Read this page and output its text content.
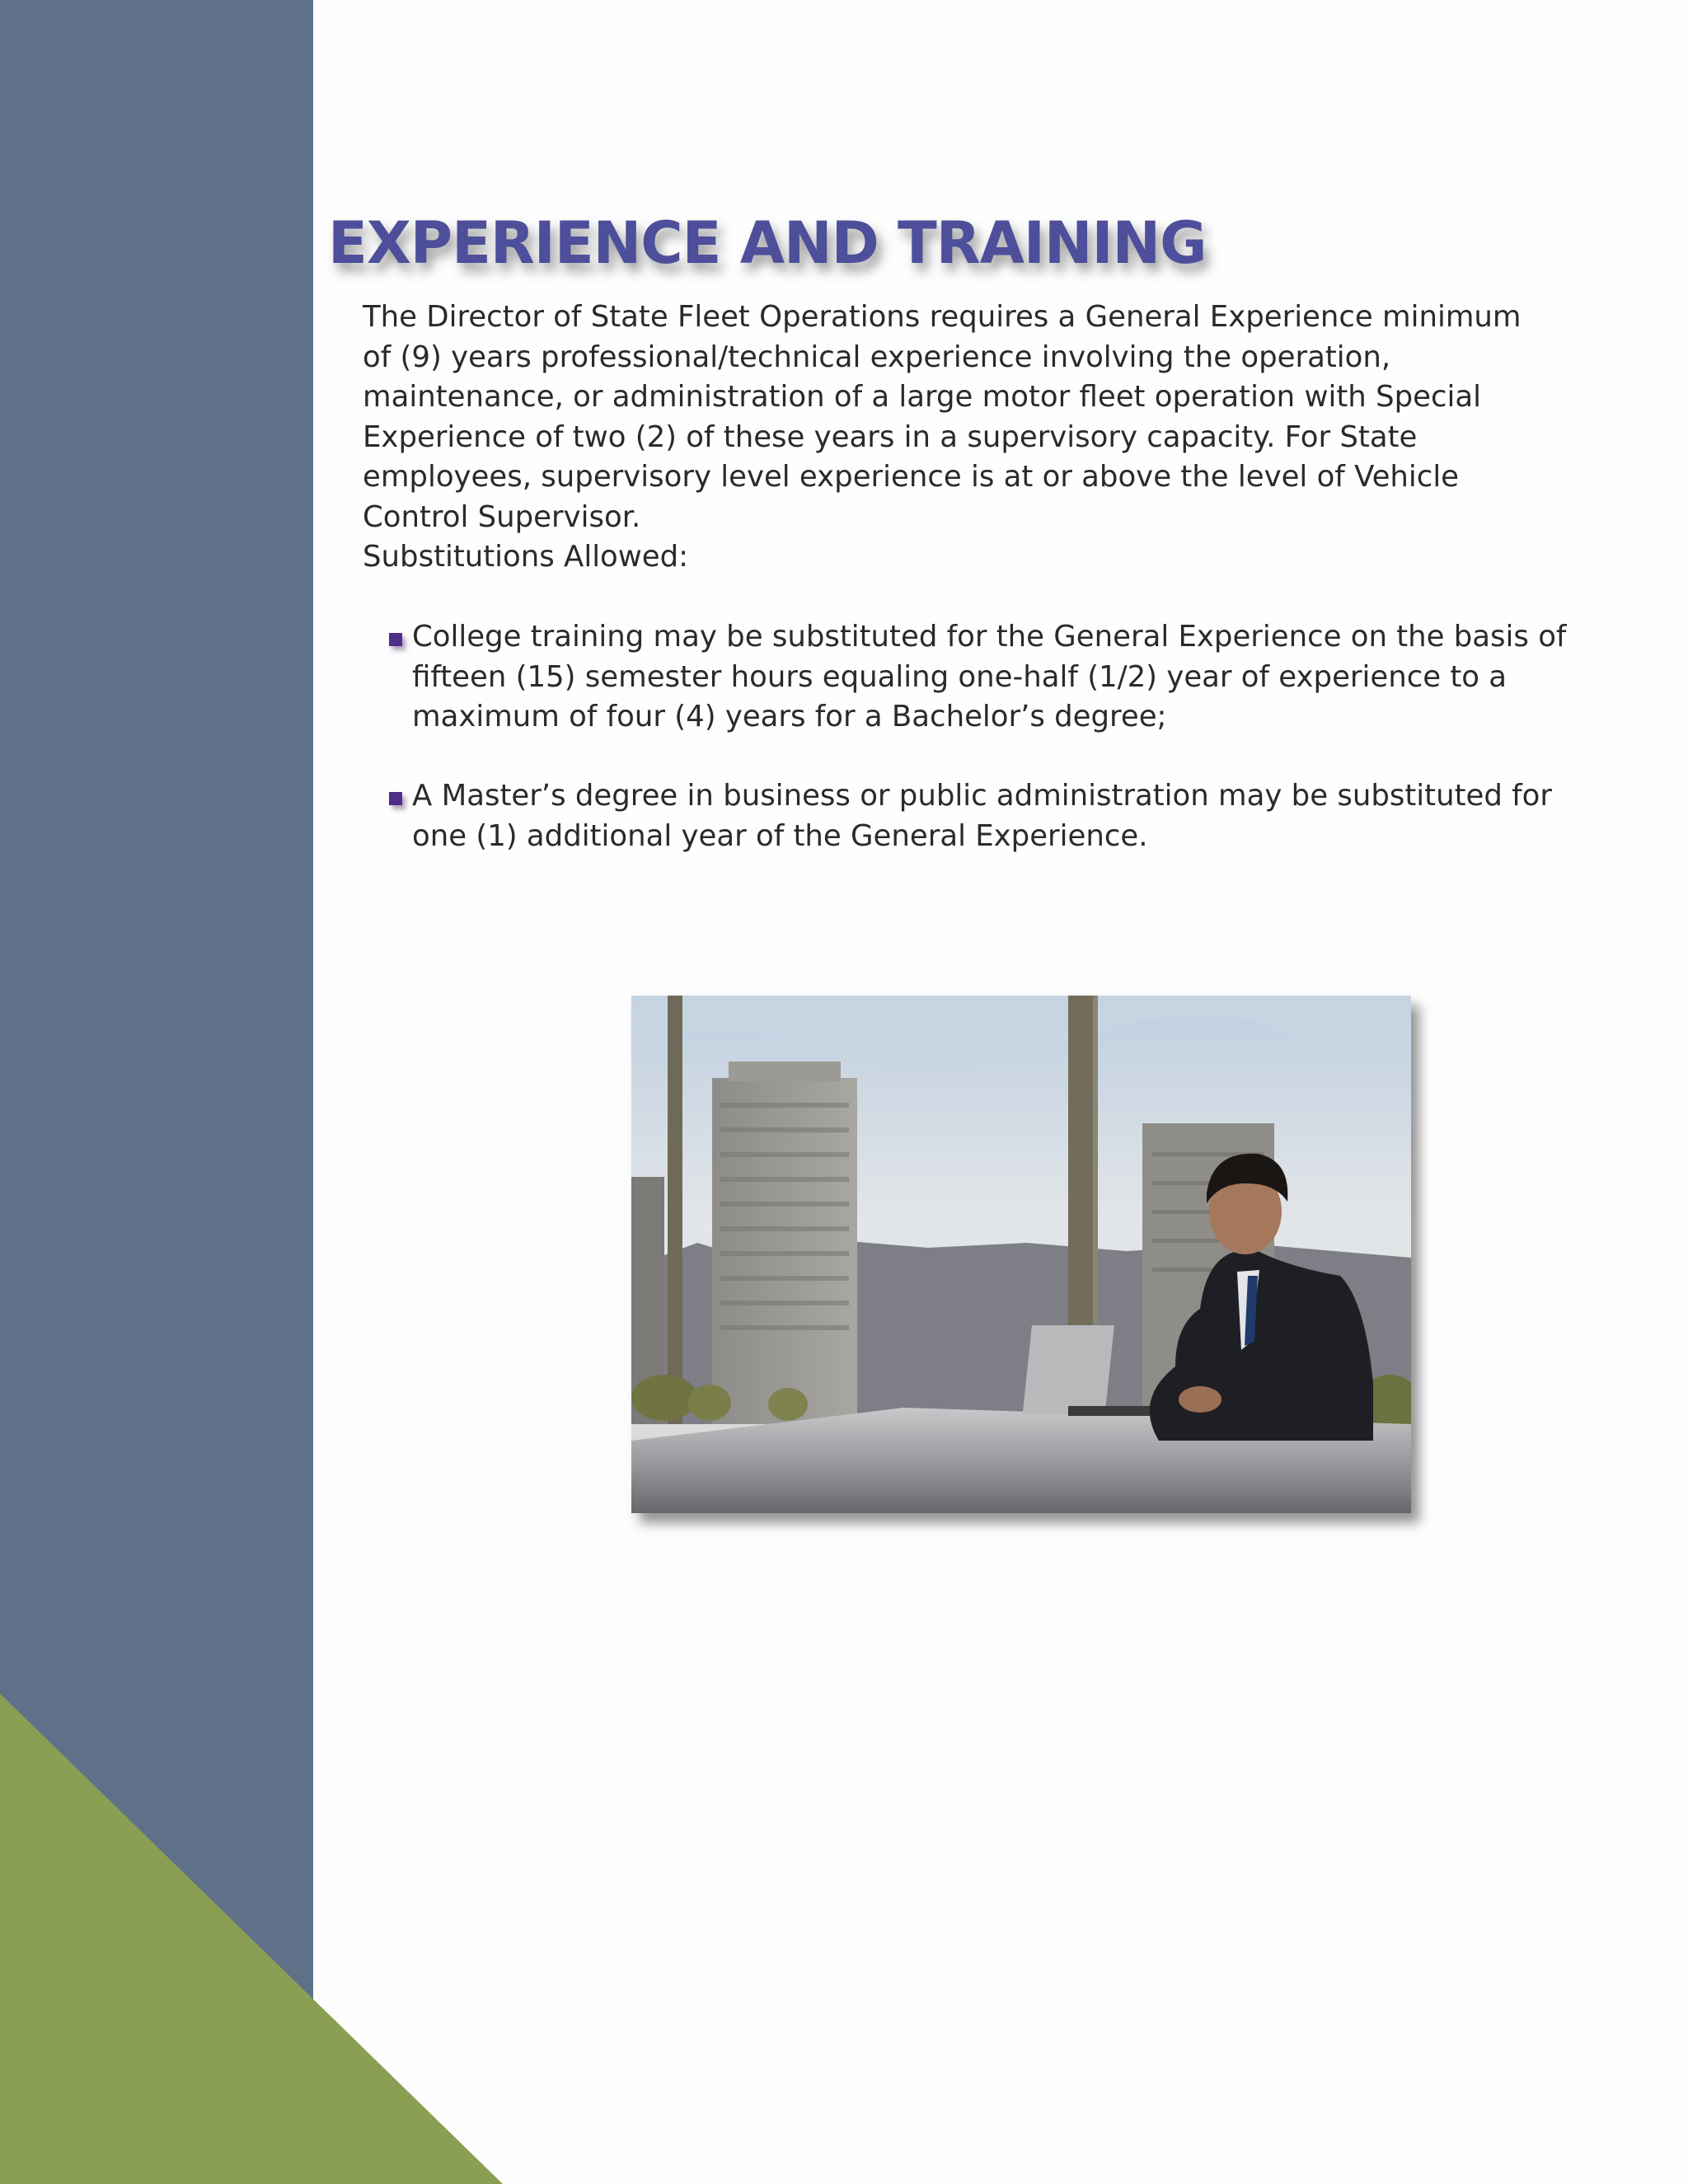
EXPERIENCE AND TRAINING

The Director of State Fleet Operations requires a General Experience minimum of (9) years professional/technical experience involving the operation, maintenance, or administration of a large motor fleet operation with Special Experience of two (2) of these years in a supervisory capacity. For State employees, supervisory level experience is at or above the level of Vehicle Control Supervisor.

Substitutions Allowed:

College training may be substituted for the General Experience on the basis of fifteen (15) semester hours equaling one-half (1/2) year of experience to a maximum of four (4) years for a Bachelor’s degree;

A Master’s degree in business or public administration may be substituted for one (1) additional year of the General Experience.
